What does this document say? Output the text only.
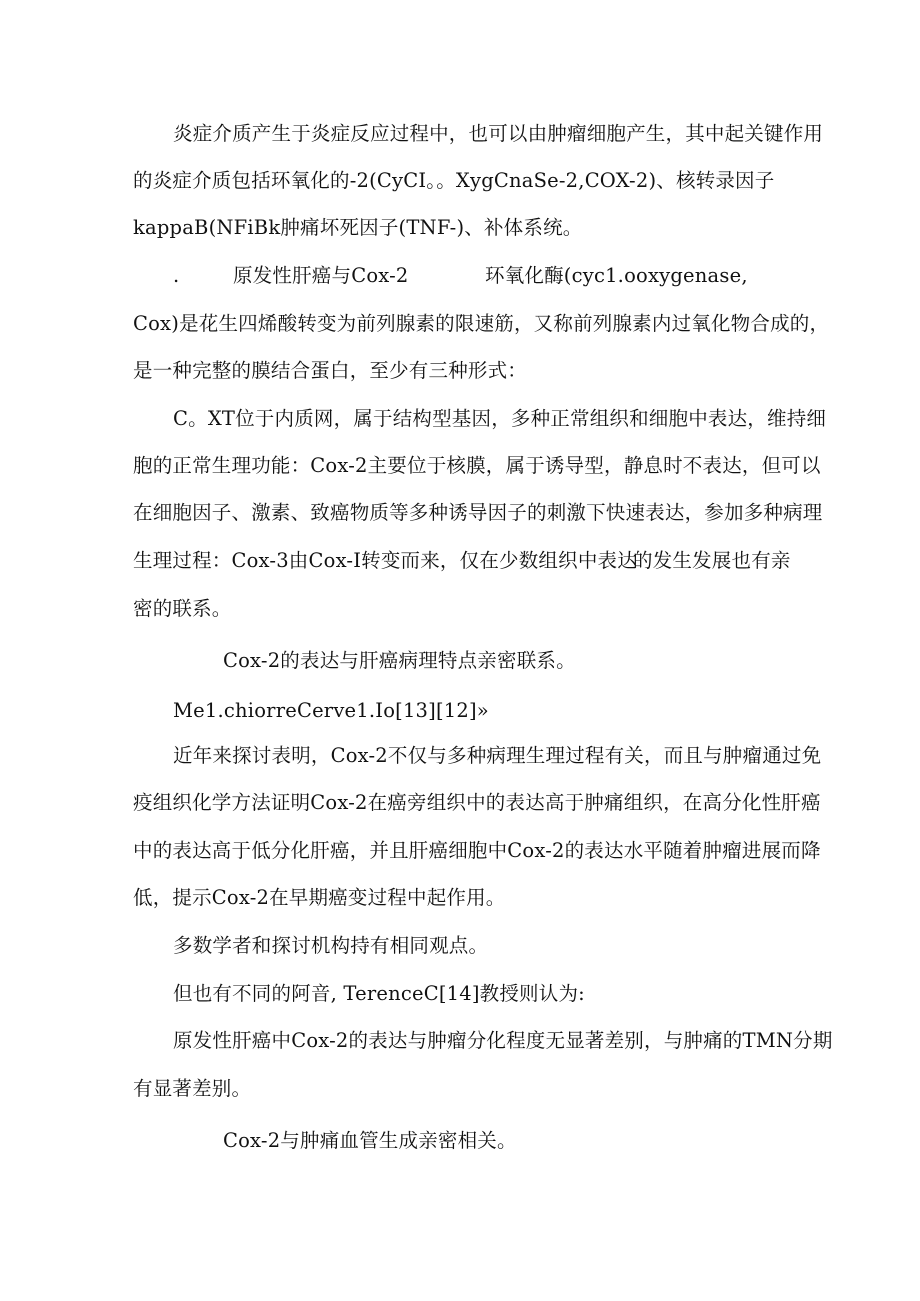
炎症介质产生于炎症反应过程中，也可以由肿瘤细胞产生，其中起关键作用
的炎症介质包括环氧化的-2(CyCI。。XygCnaSe-2,COX-2)、核转录因子
kappaB(NFiBk肿痛坏死因子(TNF-)、补体系统。
.	原发性肝癌与Cox-2	环氧化酶(cyc1.ooxygenase,
Cox)是花生四烯酸转变为前列腺素的限速筋，又称前列腺素内过氧化物合成的，
是一种完整的膜结合蛋白，至少有三种形式：
C。XT位于内质网，属于结构型基因，多种正常组织和细胞中表达，维持细
胞的正常生理功能：Cox-2主要位于核膜，属于诱导型，静息时不表达，但可以
在细胞因子、激素、致癌物质等多种诱导因子的刺激下快速表达，参加多种病理
生理过程：Cox-3由Cox-I转变而来，仅在少数组织中表达
的发生发展也有亲
密的联系。
Cox-2的表达与肝癌病理特点亲密联系。
Me1.chiorreCerve1.Io[13][12]»
近年来探讨表明，Cox-2不仅与多种病理生理过程有关，而且与肿瘤通过免
疫组织化学方法证明Cox-2在癌旁组织中的表达高于肿痛组织，在高分化性肝癌
中的表达高于低分化肝癌，并且肝癌细胞中Cox-2的表达水平随着肿瘤进展而降
低，提示Cox-2在早期癌变过程中起作用。
多数学者和探讨机构持有相同观点。
但也有不同的阿音, TerenceC[14]教授则认为:
原发性肝癌中Cox-2的表达与肿瘤分化程度无显著差别，与肿痛的TMN分期
有显著差别。
Cox-2与肿痛血管生成亲密相关。
